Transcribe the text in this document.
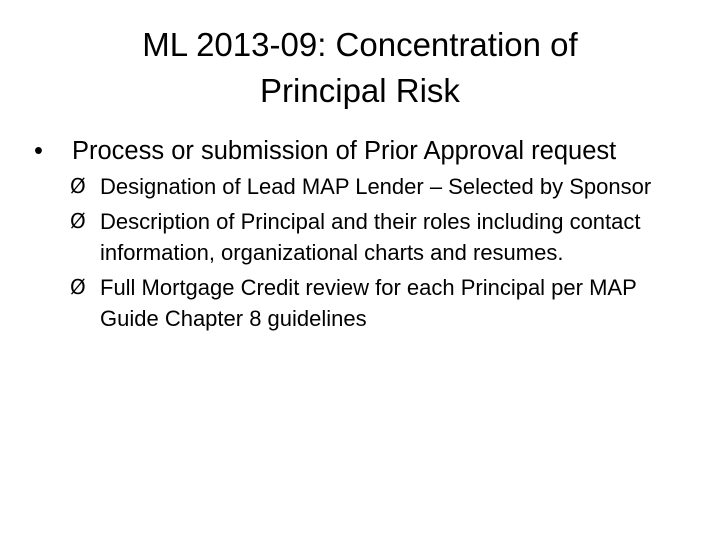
ML 2013-09: Concentration of
Principal Risk
• Process or submission of Prior Approval request
Ø Designation of Lead MAP Lender – Selected by Sponsor
Ø Description of Principal and their roles including contact information, organizational charts and resumes.
Ø Full Mortgage Credit review for each Principal per MAP Guide Chapter 8 guidelines
